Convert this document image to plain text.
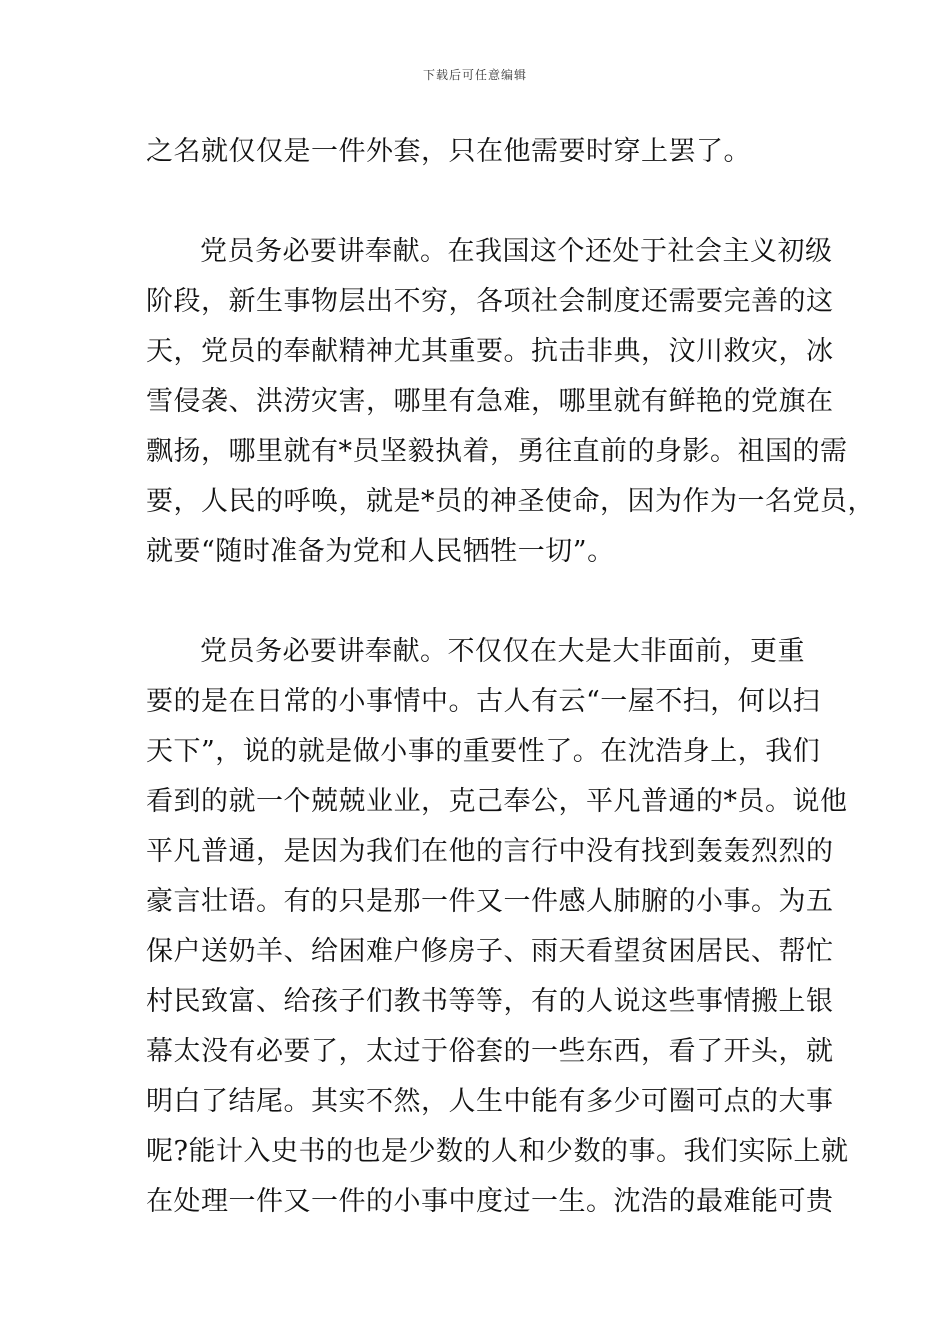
下载后可任意编辑
之名就仅仅是一件外套，只在他需要时穿上罢了。
党员务必要讲奉献。在我国这个还处于社会主义初级
阶段，新生事物层出不穷，各项社会制度还需要完善的这
天，党员的奉献精神尤其重要。抗击非典，汶川救灾，冰
雪侵袭、洪涝灾害，哪里有急难，哪里就有鲜艳的党旗在
飘扬，哪里就有*员坚毅执着，勇往直前的身影。祖国的需
要，人民的呼唤，就是*员的神圣使命，因为作为一名党员，
就要“随时准备为党和人民牺牲一切”。
党员务必要讲奉献。不仅仅在大是大非面前，更重
要的是在日常的小事情中。古人有云“一屋不扫，何以扫
天下”，说的就是做小事的重要性了。在沈浩身上，我们
看到的就一个兢兢业业，克己奉公，平凡普通的*员。说他
平凡普通，是因为我们在他的言行中没有找到轰轰烈烈的
豪言壮语。有的只是那一件又一件感人肺腑的小事。为五
保户送奶羊、给困难户修房子、雨天看望贫困居民、帮忙
村民致富、给孩子们教书等等，有的人说这些事情搬上银
幕太没有必要了，太过于俗套的一些东西，看了开头，就
明白了结尾。其实不然，人生中能有多少可圈可点的大事
呢?能计入史书的也是少数的人和少数的事。我们实际上就
在处理一件又一件的小事中度过一生。沈浩的最难能可贵
